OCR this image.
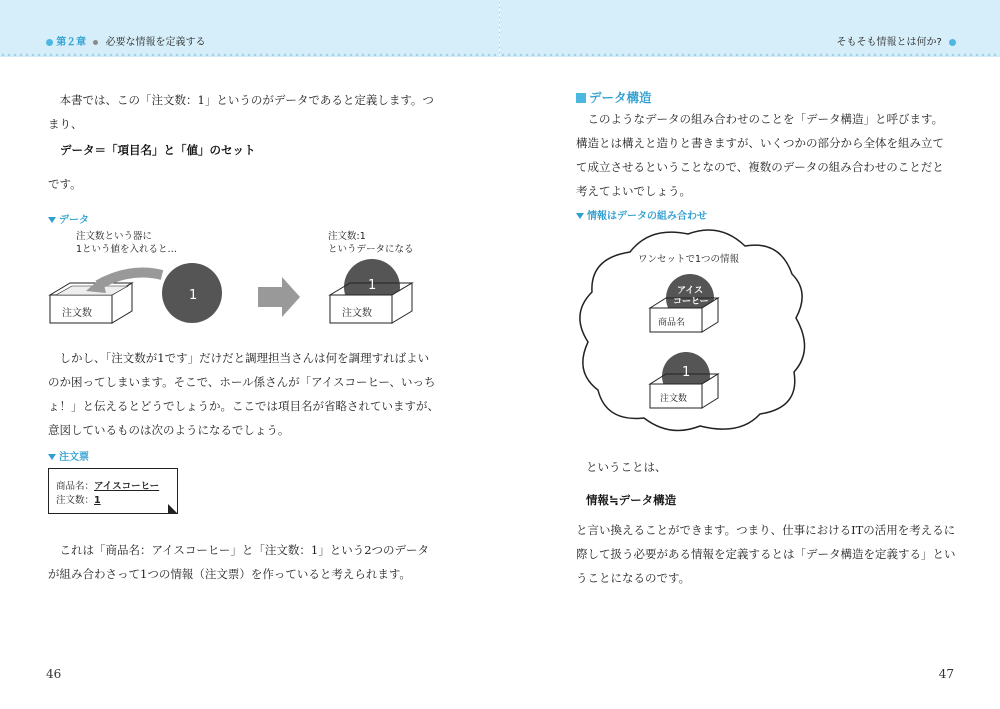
第２章 必要な情報を定義する
本書では、この「注文数：1」というのがデータであると定義します。つまり、
データ＝「項目名」と「値」のセット
です。
データ
注文数という器に
1という値を入れると…
注文数:1
というデータになる
注文数
1
1
注文数
しかし、「注文数が1です」だけだと調理担当さんは何を調理すればよいのか困ってしまいます。そこで、ホール係さんが「アイスコーヒー、いっちょ！」と伝えるとどうでしょうか。ここでは項目名が省略されていますが、意図しているものは次のようになるでしょう。
注文票
商品名：アイスコーヒー
注文数：1
これは「商品名：アイスコーヒー」と「注文数：1」という2つのデータが組み合わさって1つの情報（注文票）を作っていると考えられます。
46
そもそも情報とは何か?
データ構造
このようなデータの組み合わせのことを「データ構造」と呼びます。構造とは構えと造りと書きますが、いくつかの部分から全体を組み立てて成立させるということなので、複数のデータの組み合わせのことだと考えてよいでしょう。
情報はデータの組み合わせ
ワンセットで1つの情報
アイス
コーヒー
商品名
1
注文数
ということは、
情報≒データ構造
と言い換えることができます。つまり、仕事におけるITの活用を考えるに際して扱う必要がある情報を定義するとは「データ構造を定義する」ということになるのです。
47
